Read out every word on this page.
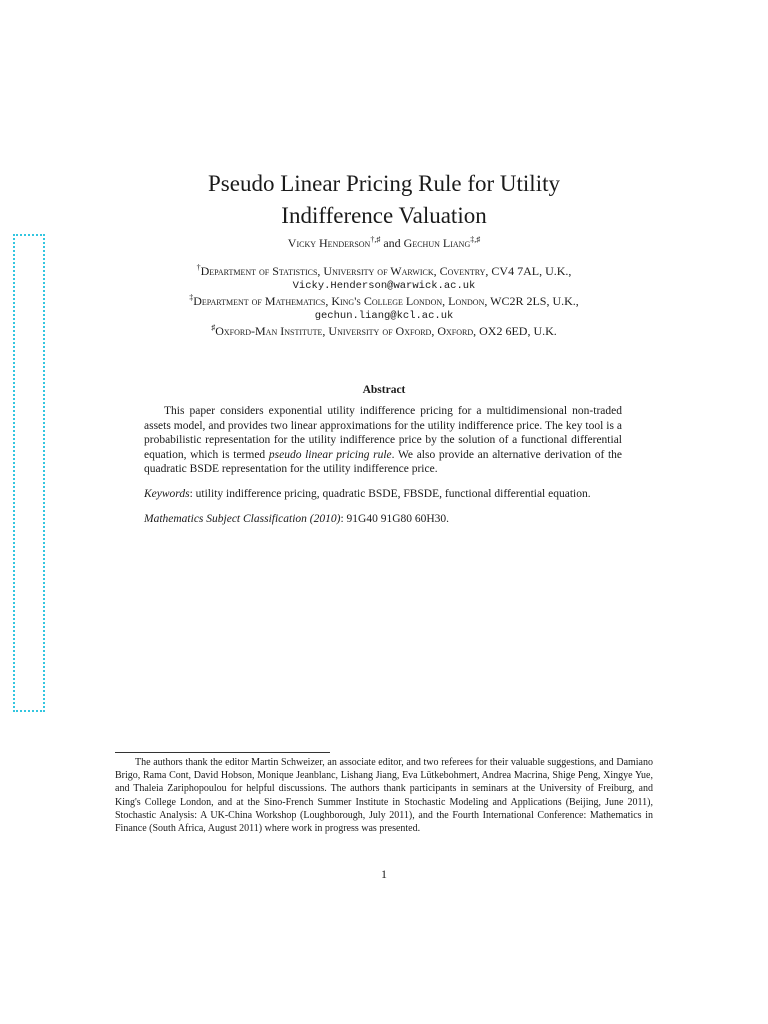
Pseudo Linear Pricing Rule for Utility
Indifference Valuation
Vicky Henderson†,♯ and Gechun Liang‡,♯
†Department of Statistics, University of Warwick, Coventry, CV4 7AL, U.K.,
Vicky.Henderson@warwick.ac.uk
‡Department of Mathematics, King's College London, London, WC2R 2LS, U.K.,
gechun.liang@kcl.ac.uk
♯Oxford-Man Institute, University of Oxford, Oxford, OX2 6ED, U.K.
Abstract

This paper considers exponential utility indifference pricing for a multidimensional non-traded assets model, and provides two linear approximations for the utility indifference price. The key tool is a probabilistic representation for the utility indifference price by the solution of a functional differential equation, which is termed pseudo linear pricing rule. We also provide an alternative derivation of the quadratic BSDE representation for the utility indifference price.

Keywords: utility indifference pricing, quadratic BSDE, FBSDE, functional differential equation.

Mathematics Subject Classification (2010): 91G40 91G80 60H30.

The authors thank the editor Martin Schweizer, an associate editor, and two referees for their valuable suggestions, and Damiano Brigo, Rama Cont, David Hobson, Monique Jeanblanc, Lishang Jiang, Eva Lütkebohmert, Andrea Macrina, Shige Peng, Xingye Yue, and Thaleia Zariphopoulou for helpful discussions. The authors thank participants in seminars at the University of Freiburg, and King's College London, and at the Sino-French Summer Institute in Stochastic Modeling and Applications (Beijing, June 2011), Stochastic Analysis: A UK-China Workshop (Loughborough, July 2011), and the Fourth International Conference: Mathematics in Finance (South Africa, August 2011) where work in progress was presented.
1
